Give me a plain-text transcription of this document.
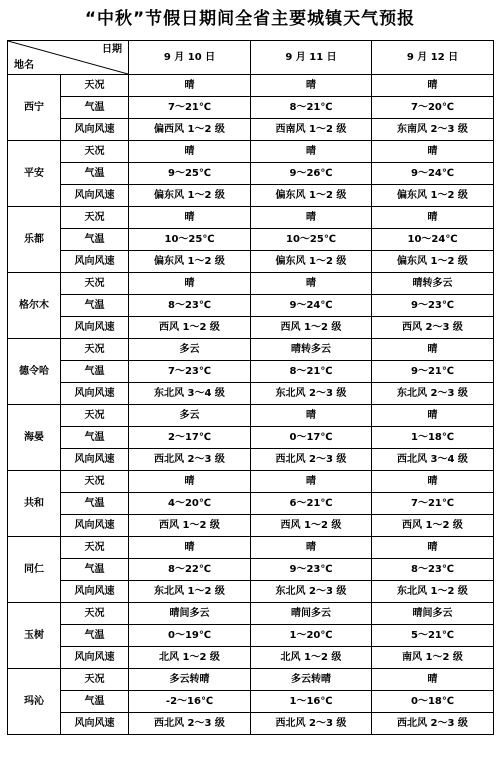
“中秋”节假日期间全省主要城镇天气预报
日期
地名		9 月 10 日	9 月 11 日	9 月 12 日
西宁	天况	晴	晴	晴
	气温	7～21℃	8～21℃	7～20℃
	风向风速	偏西风 1～2 级	西南风 1～2 级	东南风 2～3 级
平安	天况	晴	晴	晴
	气温	9～25℃	9～26℃	9～24℃
	风向风速	偏东风 1～2 级	偏东风 1～2 级	偏东风 1～2 级
乐都	天况	晴	晴	晴
	气温	10～25℃	10～25℃	10～24℃
	风向风速	偏东风 1～2 级	偏东风 1～2 级	偏东风 1～2 级
格尔木	天况	晴	晴	晴转多云
	气温	8～23℃	9～24℃	9～23℃
	风向风速	西风 1～2 级	西风 1～2 级	西风 2～3 级
德令哈	天况	多云	晴转多云	晴
	气温	7～23℃	8～21℃	9～21℃
	风向风速	东北风 3～4 级	东北风 2～3 级	东北风 2～3 级
海晏	天况	多云	晴	晴
	气温	2～17℃	0～17℃	1～18℃
	风向风速	西北风 2～3 级	西北风 2～3 级	西北风 3～4 级
共和	天况	晴	晴	晴
	气温	4～20℃	6～21℃	7～21℃
	风向风速	西风 1～2 级	西风 1～2 级	西风 1～2 级
同仁	天况	晴	晴	晴
	气温	8～22℃	9～23℃	8～23℃
	风向风速	东北风 1～2 级	东北风 2～3 级	东北风 1～2 级
玉树	天况	晴间多云	晴间多云	晴间多云
	气温	0～19℃	1～20℃	5～21℃
	风向风速	北风 1～2 级	北风 1～2 级	南风 1～2 级
玛沁	天况	多云转晴	多云转晴	晴
	气温	-2～16℃	1～16℃	0～18℃
	风向风速	西北风 2～3 级	西北风 2～3 级	西北风 2～3 级
